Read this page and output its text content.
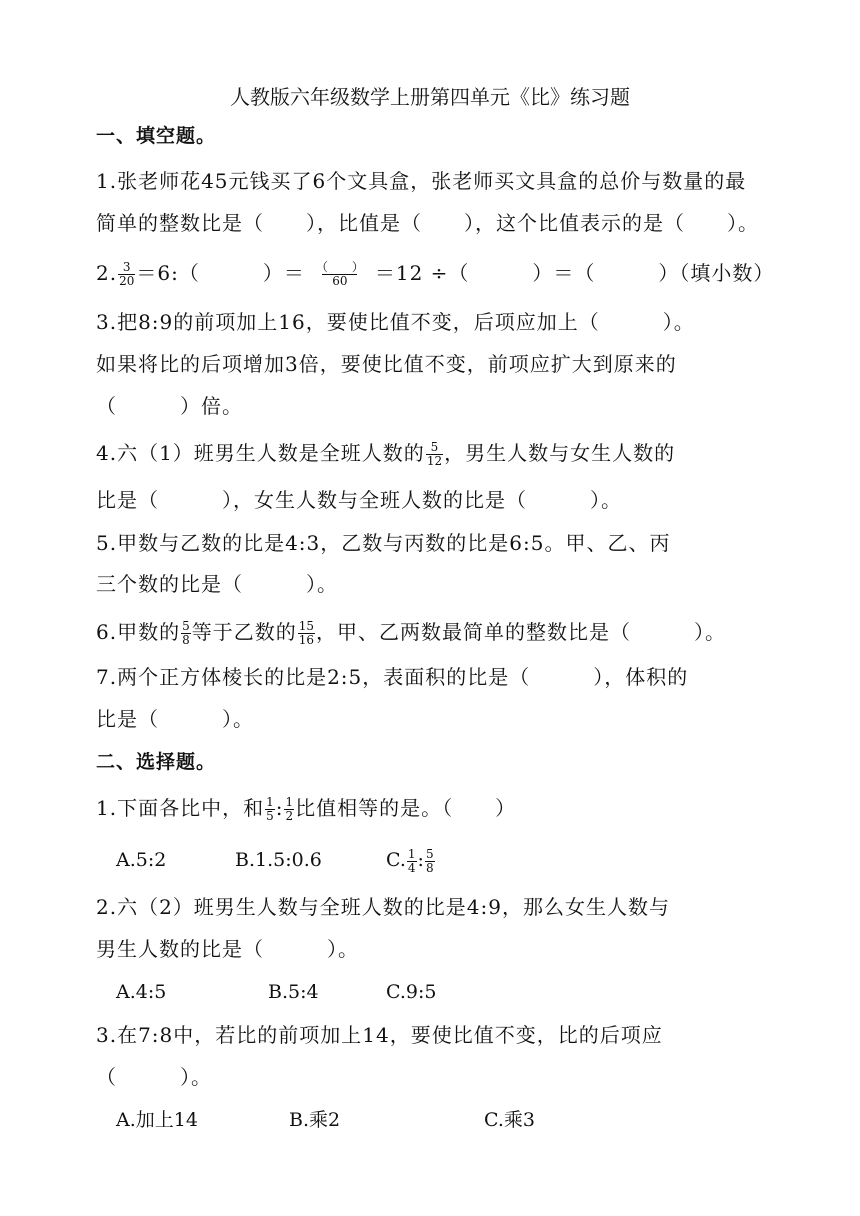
人教版六年级数学上册第四单元《比》练习题
一、填空题。
1.张老师花45元钱买了6个文具盒，张老师买文具盒的总价与数量的最
简单的整数比是（　　），比值是（　　），这个比值表示的是（　　）。
2. $\frac{3}{20}$ ＝6:（　　　）＝ $\frac{( )}{60} =12$ ÷（　　　）＝（　　　）（填小数）
3.把8:9的前项加上16，要使比值不变，后项应加上（　　　）。
如果将比的后项增加3倍，要使比值不变，前项应扩大到原来的
（　　　）倍。
4.六（1）班男生人数是全班人数的 $\frac{5}{12}$ ，男生人数与女生人数的
比是（　　　），女生人数与全班人数的比是（　　　）。
5.甲数与乙数的比是4:3，乙数与丙数的比是6:5。甲、乙、丙
三个数的比是（　　　）。
6.甲数的 $\frac{5}{8}$ 等于乙数的 $\frac{15}{16}$ ，甲、乙两数最简单的整数比是（　　　）。
7.两个正方体棱长的比是2:5，表面积的比是（　　　），体积的
比是（　　　）。
二、选择题。
1.下面各比中，和 $\frac{1}{5}$ : $\frac{1}{2}$ 比值相等的是。（　　）
A.5:2	B.1.5:0.6	C. $\frac{1}{4}$ : $\frac{5}{8}$
2.六（2）班男生人数与全班人数的比是4:9，那么女生人数与
男生人数的比是（　　　）。
A.4:5	B.5:4	C.9:5
3.在7:8中，若比的前项加上14，要使比值不变，比的后项应
（　　　）。
A.加上14	B.乘2	C.乘3
